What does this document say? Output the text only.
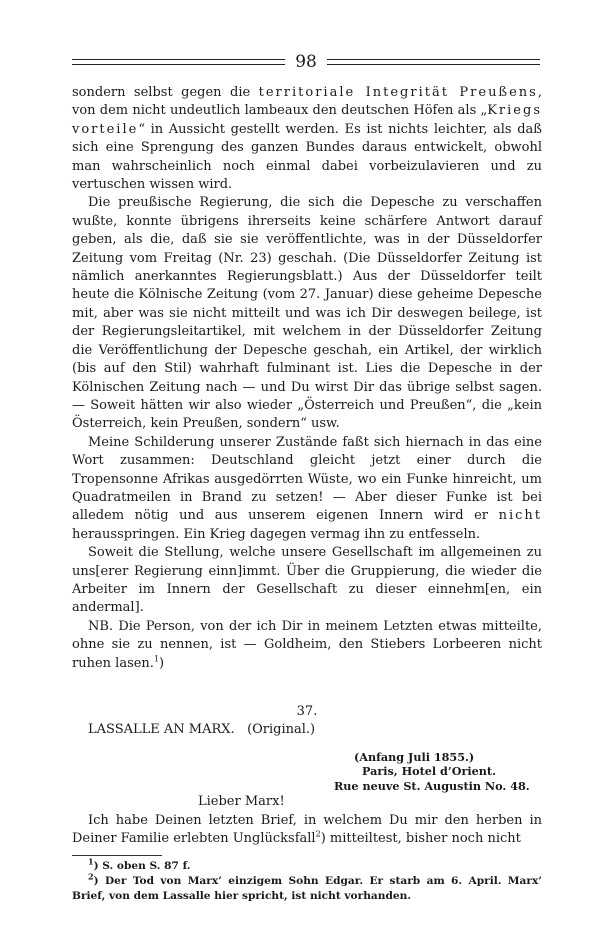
98

sondern selbst gegen die territoriale Integrität Preußens, von dem nicht undeutlich lambeaux den deutschen Höfen als „Kriegs vorteile“ in Aussicht gestellt werden. Es ist nichts leichter, als daß sich eine Sprengung des ganzen Bundes daraus entwickelt, obwohl man wahrscheinlich noch einmal dabei vorbeizulavieren und zu vertuschen wissen wird.

Die preußische Regierung, die sich die Depesche zu verschaffen wußte, konnte übrigens ihrerseits keine schärfere Antwort darauf geben, als die, daß sie sie veröffentlichte, was in der Düsseldorfer Zeitung vom Freitag (Nr. 23) geschah. (Die Düsseldorfer Zeitung ist nämlich anerkanntes Regierungsblatt.) Aus der Düsseldorfer teilt heute die Kölnische Zeitung (vom 27. Januar) diese geheime Depesche mit, aber was sie nicht mitteilt und was ich Dir deswegen beilege, ist der Regierungsleitartikel, mit welchem in der Düsseldorfer Zeitung die Veröffentlichung der Depesche geschah, ein Artikel, der wirklich (bis auf den Stil) wahrhaft fulminant ist. Lies die Depesche in der Kölnischen Zeitung nach — und Du wirst Dir das übrige selbst sagen. — Soweit hätten wir also wieder „Österreich und Preußen“, die „kein Österreich, kein Preußen, sondern“ usw.

Meine Schilderung unserer Zustände faßt sich hiernach in das eine Wort zusammen: Deutschland gleicht jetzt einer durch die Tropensonne Afrikas ausgedörrten Wüste, wo ein Funke hinreicht, um Quadratmeilen in Brand zu setzen! — Aber dieser Funke ist bei alledem nötig und aus unserem eigenen Innern wird er nicht herausspringen. Ein Krieg dagegen vermag ihn zu entfesseln.

Soweit die Stellung, welche unsere Gesellschaft im allgemeinen zu uns[erer Regierung einn]immt. Über die Gruppierung, die wieder die Arbeiter im Innern der Gesellschaft zu dieser einnehm[en, ein andermal].

NB. Die Person, von der ich Dir in meinem Letzten etwas mitteilte, ohne sie zu nennen, ist — Goldheim, den Stiebers Lorbeeren nicht ruhen lasen.$^1$)

37.

LASSALLE AN MARX. (Original.)

(Anfang Juli 1855.)
Paris, Hotel d’Orient.
Rue neuve St. Augustin No. 48.

Lieber Marx!

Ich habe Deinen letzten Brief, in welchem Du mir den herben in Deiner Familie erlebten Unglücksfall$^2$) mitteiltest, bisher noch nicht

$^1$) S. oben S. 87 f.

$^2$) Der Tod von Marx’ einzigem Sohn Edgar. Er starb am 6. April. Marx’ Brief, von dem Lassalle hier spricht, ist nicht vorhanden.
